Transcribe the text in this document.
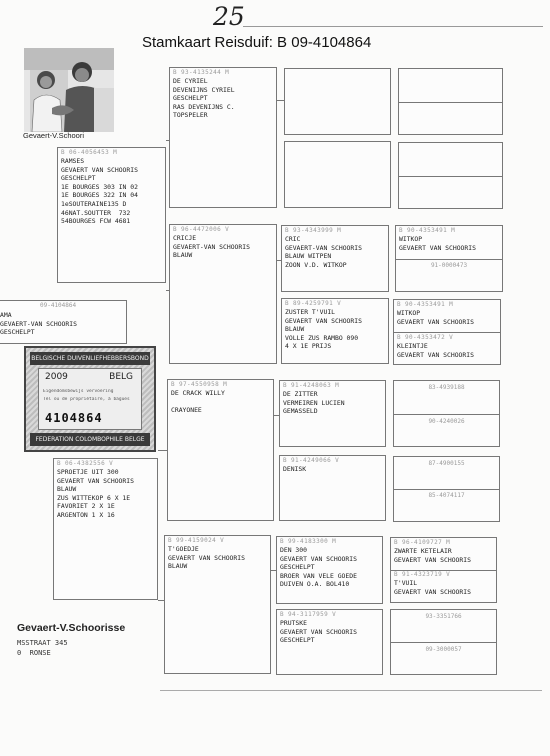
25
Stamkaart Reisduif: B 09-4104864
Gevaert-V.Schoori
B 06-4056453 M
RAMSES
GEVAERT VAN SCHOORIS
GESCHELPT
1E BOURGES 303 IN 02
1E BOURGES 322 IN 04
1eSOUTERAINE135 D
46NAT.SOUTTER  732
54BOURGES FCW 4681
09-4104864
AMA
GEVAERT-VAN SCHOORIS
GESCHELPT
BELGISCHE DUIVENLIEFHEBBERSBOND
2009	BELG
Eigendomsbewijs vervoering
Tél ou de propriétaire, à bagues
4104864
FEDERATION COLOMBOPHILE BELGE
B 06-4382556 V
SPROETJE UIT 300
GEVAERT VAN SCHOORIS
BLAUW
ZUS WITTEKOP 6 X 1E
FAVORIET 2 X 1E
ARGENTON 1 X 16
B 93-4135244 M
DE CYRIEL
DEVENIJNS CYRIEL
GESCHELPT
RAS DEVENIJNS C.
TOPSPELER
B 96-4472006 V
CRICJE
GEVAERT-VAN SCHOORIS
BLAUW
B 97-4550958 M
DE CRACK WILLY

CRAYONEE
B 99-4159024 V
T'GOEDJE
GEVAERT VAN SCHOORIS
BLAUW
B 93-4343999 M
CRIC
GEVAERT-VAN SCHOORIS
BLAUW WITPEN
ZOON V.D. WITKOP
B 89-4259791 V
ZUSTER T'VUIL
GEVAERT VAN SCHOORIS
BLAUW
VOLLE ZUS RAMBO 090
4 X 1E PRIJS
B 91-4248063 M
DE ZITTER
VERMEIREN LUCIEN
GEMASSELD
B 91-4249066 V
DENISK
B 99-4183300 M
DEN 300
GEVAERT VAN SCHOORIS
GESCHELPT
BROER VAN VELE GOEDE
DUIVEN O.A. BOL410
B 94-3117959 V
PRUTSKE
GEVAERT VAN SCHOORIS
GESCHELPT
B 90-4353491 M
WITKOP
GEVAERT VAN SCHOORIS
91-0000473
B 90-4353491 M
WITKOP
GEVAERT VAN SCHOORIS
B 90-4353472 V
KLEINTJE
GEVAERT VAN SCHOORIS
83-4939188
90-4240026
87-4900155
85-4074117
B 96-4109727 M
ZWARTE KETELAIR
GEVAERT VAN SCHOORIS
B 91-4323719 V
T'VUIL
GEVAERT VAN SCHOORIS
93-3351766
09-3000057
Gevaert-V.Schoorisse
MSSTRAAT 345
0  RONSE
